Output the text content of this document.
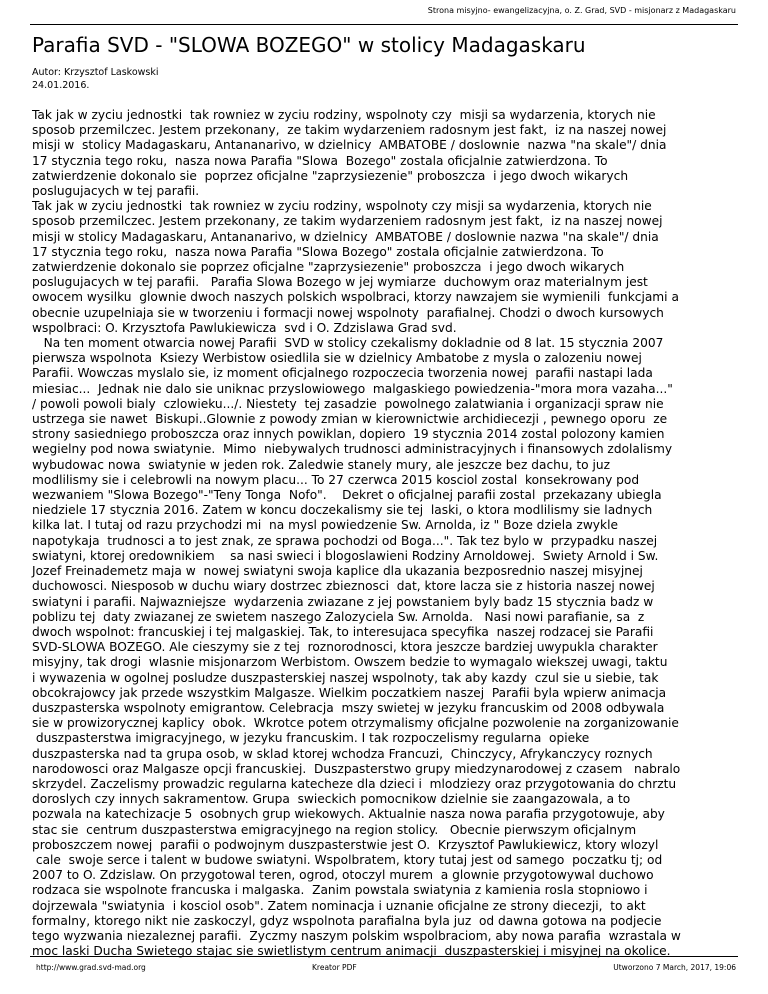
Strona misyjno- ewangelizacyjna, o. Z. Grad, SVD - misjonarz z Madagaskaru
Parafia SVD - "SLOWA BOZEGO" w stolicy Madagaskaru
Autor: Krzysztof Laskowski
24.01.2016.
Tak jak w zyciu jednostki  tak rowniez w zyciu rodziny, wspolnoty czy  misji sa wydarzenia, ktorych nie
sposob przemilczec. Jestem przekonany,  ze takim wydarzeniem radosnym jest fakt,  iz na naszej nowej
misji w  stolicy Madagaskaru, Antananarivo, w dzielnicy  AMBATOBE / doslownie  nazwa "na skale"/ dnia
17 stycznia tego roku,  nasza nowa Parafia "Slowa  Bozego" zostala oficjalnie zatwierdzona. To
zatwierdzenie dokonalo sie  poprzez oficjalne "zaprzysiezenie" proboszcza  i jego dwoch wikarych
poslugujacych w tej parafii.
Tak jak w zyciu jednostki  tak rowniez w zyciu rodziny, wspolnoty czy misji sa wydarzenia, ktorych nie
sposob przemilczec. Jestem przekonany, ze takim wydarzeniem radosnym jest fakt,  iz na naszej nowej
misji w stolicy Madagaskaru, Antananarivo, w dzielnicy  AMBATOBE / doslownie nazwa "na skale"/ dnia
17 stycznia tego roku,  nasza nowa Parafia "Slowa Bozego" zostala oficjalnie zatwierdzona. To
zatwierdzenie dokonalo sie poprzez oficjalne "zaprzysiezenie" proboszcza  i jego dwoch wikarych
poslugujacych w tej parafii.   Parafia Slowa Bozego w jej wymiarze  duchowym oraz materialnym jest
owocem wysilku  glownie dwoch naszych polskich wspolbraci, ktorzy nawzajem sie wymienili  funkcjami a
obecnie uzupelniaja sie w tworzeniu i formacji nowej wspolnoty  parafialnej. Chodzi o dwoch kursowych
wspolbraci: O. Krzysztofa Pawlukiewicza  svd i O. Zdzislawa Grad svd.
Na ten moment otwarcia nowej Parafii  SVD w stolicy czekalismy dokladnie od 8 lat. 15 stycznia 2007
pierwsza wspolnota  Ksiezy Werbistow osiedlila sie w dzielnicy Ambatobe z mysla o zalozeniu nowej
Parafii. Wowczas myslalo sie, iz moment oficjalnego rozpoczecia tworzenia nowej  parafii nastapi lada
miesiac...  Jednak nie dalo sie uniknac przyslowiowego  malgaskiego powiedzenia-"mora mora vazaha..."
/ powoli powoli bialy  czlowieku.../. Niestety  tej zasadzie  powolnego zalatwiania i organizacji spraw nie
ustrzega sie nawet  Biskupi..Glownie z powody zmian w kierownictwie archidiecezji , pewnego oporu  ze
strony sasiedniego proboszcza oraz innych powiklan, dopiero  19 stycznia 2014 zostal polozony kamien
wegielny pod nowa swiatynie.  Mimo  niebywalych trudnosci administracyjnych i finansowych zdolalismy
wybudowac nowa  swiatynie w jeden rok. Zaledwie stanely mury, ale jeszcze bez dachu, to juz
modlilismy sie i celebrowli na nowym placu... To 27 czerwca 2015 kosciol zostal  konsekrowany pod
wezwaniem "Slowa Bozego"-"Teny Tonga  Nofo".    Dekret o oficjalnej parafii zostal  przekazany ubiegla
niedziele 17 stycznia 2016. Zatem w koncu doczekalismy sie tej  laski, o ktora modlilismy sie ladnych
kilka lat. I tutaj od razu przychodzi mi  na mysl powiedzenie Sw. Arnolda, iz " Boze dziela zwykle
napotykaja  trudnosci a to jest znak, ze sprawa pochodzi od Boga...". Tak tez bylo w  przypadku naszej
swiatyni, ktorej oredownikiem    sa nasi swieci i blogoslawieni Rodziny Arnoldowej.  Swiety Arnold i Sw.
Jozef Freinademetz maja w  nowej swiatyni swoja kaplice dla ukazania bezposrednio naszej misyjnej
duchowosci. Niesposob w duchu wiary dostrzec zbieznosci  dat, ktore lacza sie z historia naszej nowej
swiatyni i parafii. Najwazniejsze  wydarzenia zwiazane z jej powstaniem byly badz 15 stycznia badz w
poblizu tej  daty zwiazanej ze swietem naszego Zalozyciela Sw. Arnolda.   Nasi nowi parafianie, sa  z
dwoch wspolnot: francuskiej i tej malgaskiej. Tak, to interesujaca specyfika  naszej rodzacej sie Parafii
SVD-SLOWA BOZEGO. Ale cieszymy sie z tej  roznorodnosci, ktora jeszcze bardziej uwypukla charakter
misyjny, tak drogi  wlasnie misjonarzom Werbistom. Owszem bedzie to wymagalo wiekszej uwagi, taktu
i wywazenia w ogolnej posludze duszpasterskiej naszej wspolnoty, tak aby kazdy  czul sie u siebie, tak
obcokrajowcy jak przede wszystkim Malgasze. Wielkim poczatkiem naszej  Parafii byla wpierw animacja
duszpasterska wspolnoty emigrantow. Celebracja  mszy swietej w jezyku francuskim od 2008 odbywala
sie w prowizorycznej kaplicy  obok.  Wkrotce potem otrzymalismy oficjalne pozwolenie na zorganizowanie
duszpasterstwa imigracyjnego, w jezyku francuskim. I tak rozpoczelismy regularna  opieke
duszpasterska nad ta grupa osob, w sklad ktorej wchodza Francuzi,  Chinczycy, Afrykanczycy roznych
narodowosci oraz Malgasze opcji francuskiej.  Duszpasterstwo grupy miedzynarodowej z czasem   nabralo
skrzydel. Zaczelismy prowadzic regularna katecheze dla dzieci i  mlodziezy oraz przygotowania do chrztu
doroslych czy innych sakramentow. Grupa  swieckich pomocnikow dzielnie sie zaangazowala, a to
pozwala na katechizacje 5  osobnych grup wiekowych. Aktualnie nasza nowa parafia przygotowuje, aby
stac sie  centrum duszpasterstwa emigracyjnego na region stolicy.   Obecnie pierwszym oficjalnym
proboszczem nowej  parafii o podwojnym duszpasterstwie jest O.  Krzysztof Pawlukiewicz, ktory wlozyl
cale  swoje serce i talent w budowe swiatyni. Wspolbratem, ktory tutaj jest od samego  poczatku tj; od
2007 to O. Zdzislaw. On przygotowal teren, ogrod, otoczyl murem  a glownie przygotowywal duchowo
rodzaca sie wspolnote francuska i malgaska.  Zanim powstala swiatynia z kamienia rosla stopniowo i
dojrzewala "swiatynia  i kosciol osob". Zatem nominacja i uznanie oficjalne ze strony diecezji,  to akt
formalny, ktorego nikt nie zaskoczyl, gdyz wspolnota parafialna byla juz  od dawna gotowa na podjecie
tego wyzwania niezaleznej parafii.  Zyczmy naszym polskim wspolbraciom, aby nowa parafia  wzrastala w
moc laski Ducha Swietego stajac sie swietlistym centrum animacji  duszpasterskiej i misyjnej na okolice.
http://www.grad.svd-mad.org	Kreator PDF	Utworzono 7 March, 2017, 19:06
